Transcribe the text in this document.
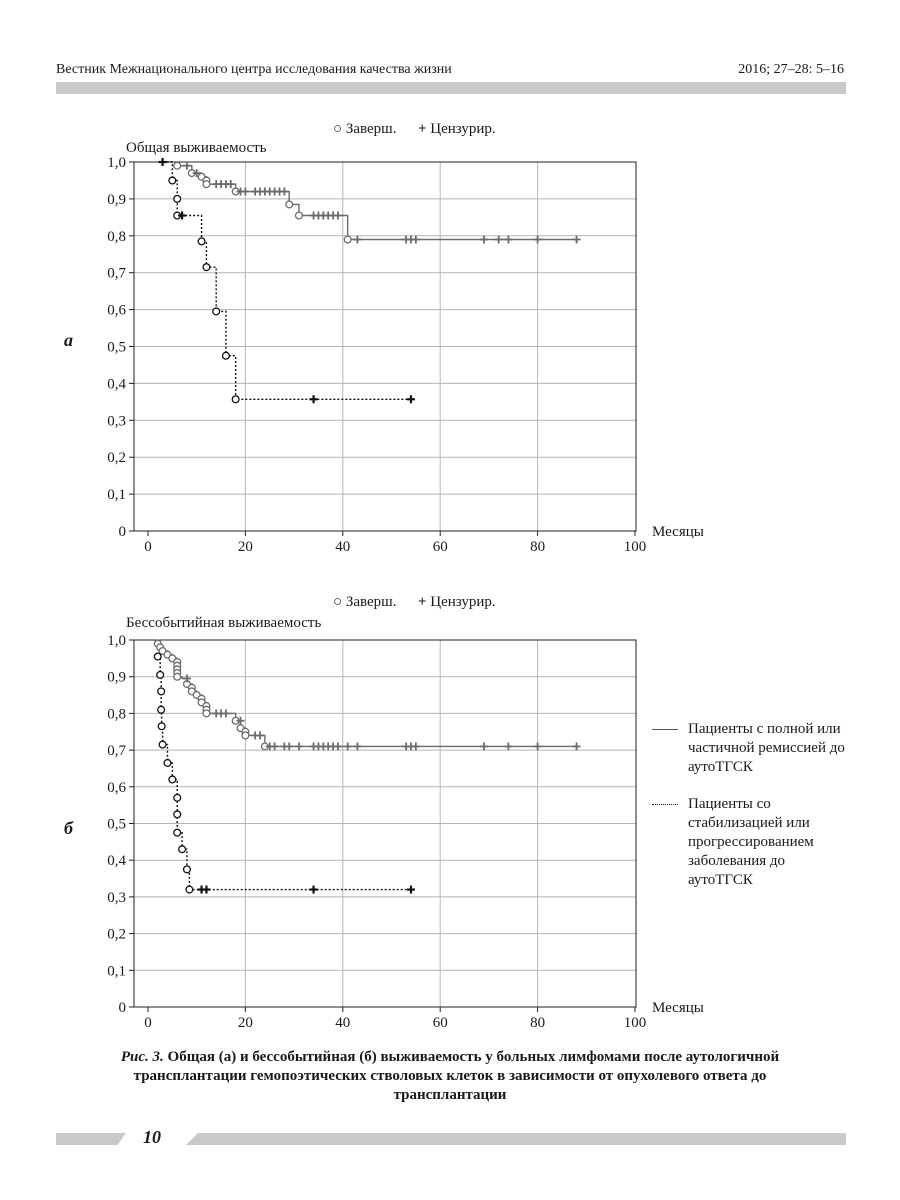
Вестник Межнационального центра исследования качества жизни	2016; 27–28: 5–16
○ Заверш. + Цензурир.
Общая выживаемость
а
0
0,1
0,2
0,3
0,4
0,5
0,6
0,7
0,8
0,9
1,0
0	20	40	60	80	100
Месяцы
○ Заверш. + Цензурир.
Бессобытийная выживаемость
б
0
0,1
0,2
0,3
0,4
0,5
0,6
0,7
0,8
0,9
1,0
0	20	40	60	80	100
Месяцы
Пациенты с полной или частичной ремиссией до аутоТГСК
Пациенты со стабилизацией или прогрессированием заболевания до аутоТГСК
Рис. 3. Общая (а) и бессобытийная (б) выживаемость у больных лимфомами после аутологичной трансплантации гемопоэтических стволовых клеток в зависимости от опухолевого ответа до трансплантации
10
